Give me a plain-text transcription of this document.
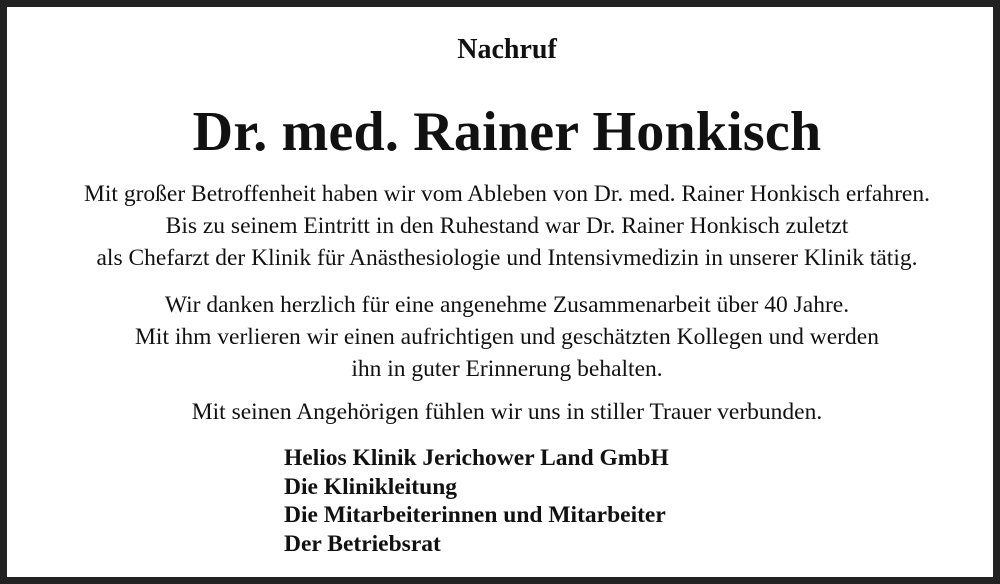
Nachruf
Dr. med. Rainer Honkisch
Mit großer Betroffenheit haben wir vom Ableben von Dr. med. Rainer Honkisch erfahren.
Bis zu seinem Eintritt in den Ruhestand war Dr. Rainer Honkisch zuletzt
als Chefarzt der Klinik für Anästhesiologie und Intensivmedizin in unserer Klinik tätig.
Wir danken herzlich für eine angenehme Zusammenarbeit über 40 Jahre.
Mit ihm verlieren wir einen aufrichtigen und geschätzten Kollegen und werden
ihn in guter Erinnerung behalten.
Mit seinen Angehörigen fühlen wir uns in stiller Trauer verbunden.
Helios Klinik Jerichower Land GmbH
Die Klinikleitung
Die Mitarbeiterinnen und Mitarbeiter
Der Betriebsrat
